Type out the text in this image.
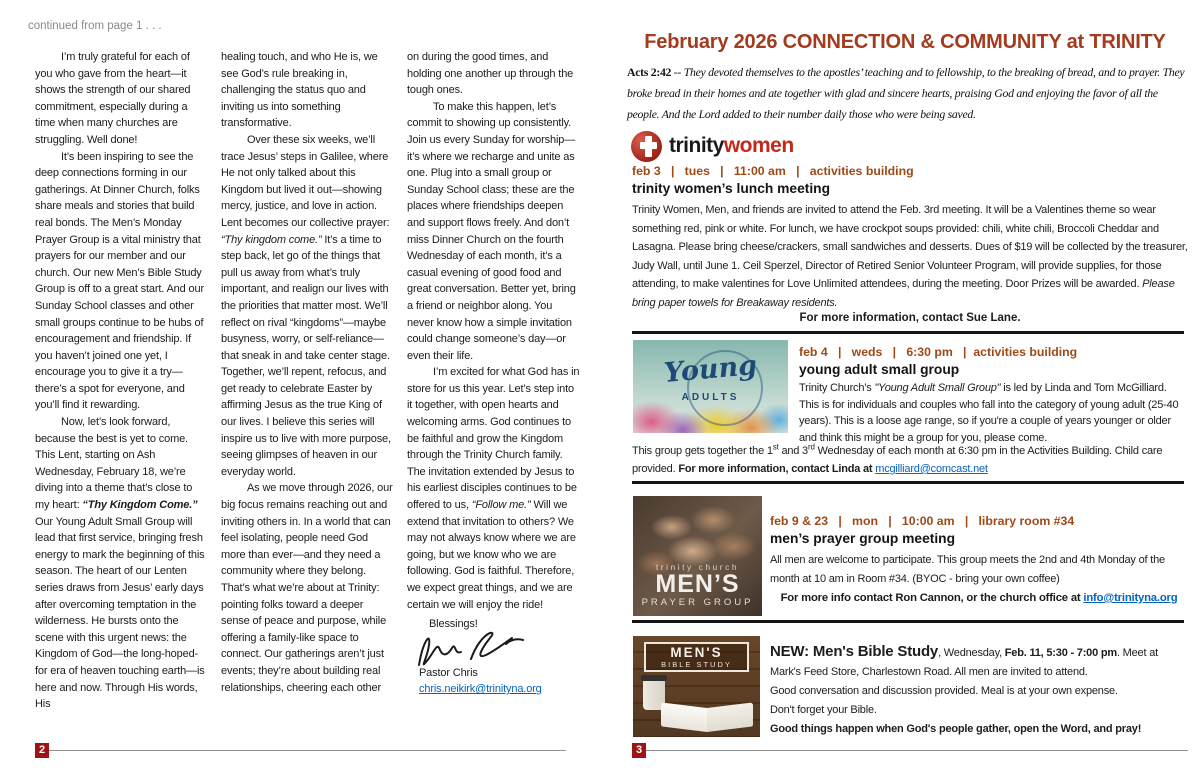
continued from page 1 . . .

I’m truly grateful for each of you who gave from the heart—it shows the strength of our shared commitment, especially during a time when many churches are struggling. Well done!

It’s been inspiring to see the deep connections forming in our gatherings. At Dinner Church, folks share meals and stories that build real bonds. The Men’s Monday Prayer Group is a vital ministry that prayers for our member and our church. Our new Men’s Bible Study Group is off to a great start. And our Sunday School classes and other small groups continue to be hubs of encouragement and friendship. If you haven’t joined one yet, I encourage you to give it a try—there’s a spot for everyone, and you’ll find it rewarding.

Now, let’s look forward, because the best is yet to come. This Lent, starting on Ash Wednesday, February 18, we’re diving into a theme that’s close to my heart: “Thy Kingdom Come.” Our Young Adult Small Group will lead that first service, bringing fresh energy to mark the beginning of this season. The heart of our Lenten series draws from Jesus’ early days after overcoming temptation in the wilderness. He bursts onto the scene with this urgent news: the Kingdom of God—the long-hoped-for era of heaven touching earth—is here and now. Through His words, His

healing touch, and who He is, we see God’s rule breaking in, challenging the status quo and inviting us into something transformative.

Over these six weeks, we’ll trace Jesus’ steps in Galilee, where He not only talked about this Kingdom but lived it out—showing mercy, justice, and love in action. Lent becomes our collective prayer: “Thy kingdom come.” It’s a time to step back, let go of the things that pull us away from what’s truly important, and realign our lives with the priorities that matter most. We’ll reflect on rival “kingdoms”—maybe busyness, worry, or self-reliance—that sneak in and take center stage. Together, we’ll repent, refocus, and get ready to celebrate Easter by affirming Jesus as the true King of our lives. I believe this series will inspire us to live with more purpose, seeing glimpses of heaven in our everyday world.

As we move through 2026, our big focus remains reaching out and inviting others in. In a world that can feel isolating, people need God more than ever—and they need a community where they belong. That’s what we’re about at Trinity: pointing folks toward a deeper sense of peace and purpose, while offering a family-like space to connect. Our gatherings aren’t just events; they’re about building real relationships, cheering each other

on during the good times, and holding one another up through the tough ones.

To make this happen, let’s commit to showing up consistently. Join us every Sunday for worship—it’s where we recharge and unite as one. Plug into a small group or Sunday School class; these are the places where friendships deepen and support flows freely. And don’t miss Dinner Church on the fourth Wednesday of each month, it’s a casual evening of good food and great conversation. Better yet, bring a friend or neighbor along. You never know how a simple invitation could change someone’s day—or even their life.

I’m excited for what God has in store for us this year. Let’s step into it together, with open hearts and welcoming arms. God continues to be faithful and grow the Kingdom through the Trinity Church family. The invitation extended by Jesus to his earliest disciples continues to be offered to us, “Follow me.” Will we extend that invitation to others? We may not always know where we are going, but we know who we are following. God is faithful. Therefore, we expect great things, and we are certain we will enjoy the ride!

Blessings!
Pastor Chris
chris.neikirk@trinityna.org
2
February 2026 CONNECTION & COMMUNITY at TRINITY
Acts 2:42 -- They devoted themselves to the apostles’ teaching and to fellowship, to the breaking of bread, and to prayer. They broke bread in their homes and ate together with glad and sincere hearts, praising God and enjoying the favor of all the people. And the Lord added to their number daily those who were being saved.
trinitywomen
feb 3   |   tues   |   11:00 am   |   activities building
trinity women’s lunch meeting
Trinity Women, Men, and friends are invited to attend the Feb. 3rd meeting. It will be a Valentines theme so wear something red, pink or white. For lunch, we have crockpot soups provided: chili, white chili, Broccoli Cheddar and Lasagna. Please bring cheese/crackers, small sandwiches and desserts. Dues of $19 will be collected by the treasurer, Judy Wall, until June 1. Ceil Sperzel, Director of Retired Senior Volunteer Program, will provide supplies, for those attending, to make valentines for Love Unlimited attendees, during the meeting. Door Prizes will be awarded. Please bring paper towels for Breakaway residents.
For more information, contact Sue Lane.
Young
ADULTS
feb 4   |   weds   |   6:30 pm   |  activities building
young adult small group
Trinity Church’s "Young Adult Small Group" is led by Linda and Tom McGilliard. This is for individuals and couples who fall into the category of young adult (25-40 years). This is a loose age range, so if you're a couple of years younger or older and think this might be a group for you, please come.
This group gets together the 1st and 3rd Wednesday of each month at 6:30 pm in the Activities Building. Child care provided. For more information, contact Linda at mcgilliard@comcast.net
trinity church
MEN’S
PRAYER GROUP
feb 9 & 23   |   mon   |   10:00 am   |   library room #34
men’s prayer group meeting
All men are welcome to participate. This group meets the 2nd and 4th Monday of the month at 10 am in Room #34. (BYOC - bring your own coffee)
For more info contact Ron Cannon, or the church office at info@trinityna.org
MEN'S
BIBLE STUDY
NEW: Men's Bible Study, Wednesday, Feb. 11, 5:30 - 7:00 pm. Meet at Mark's Feed Store, Charlestown Road. All men are invited to attend.
Good conversation and discussion provided. Meal is at your own expense.
Don't forget your Bible.
Good things happen when God's people gather, open the Word, and pray!
3
